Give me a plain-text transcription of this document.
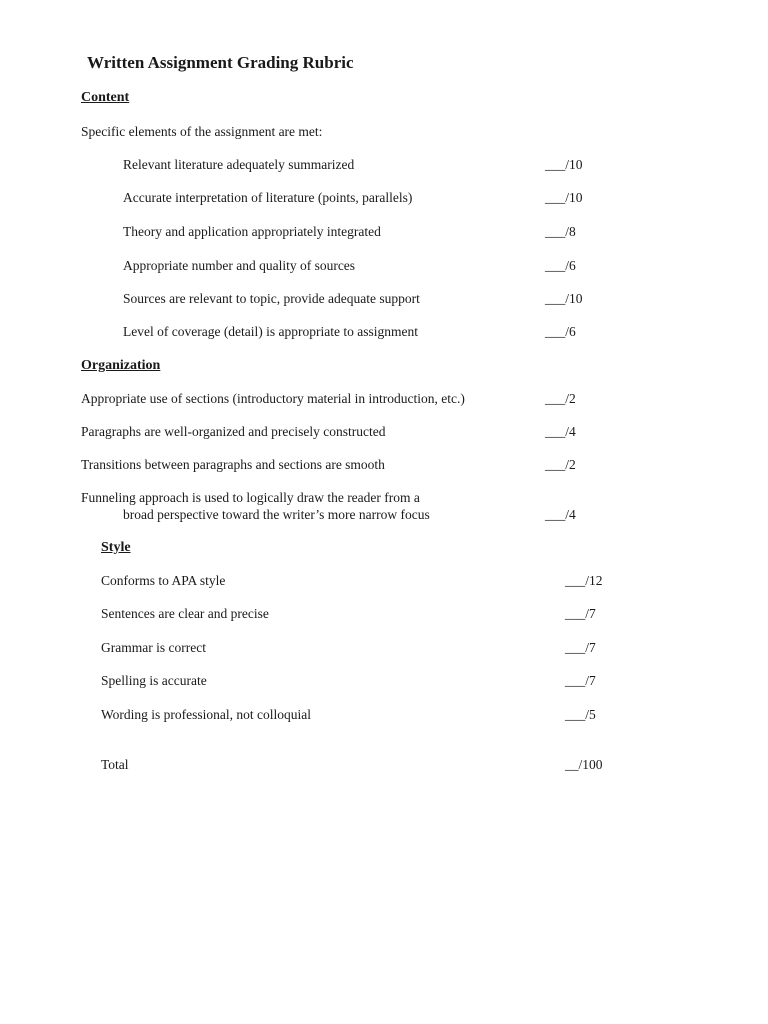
Written Assignment Grading Rubric
Content
Specific elements of the assignment are met:
Relevant literature adequately summarized	___/10
Accurate interpretation of literature (points, parallels)	___/10
Theory and application appropriately integrated	___/8
Appropriate number and quality of sources	___/6
Sources are relevant to topic, provide adequate support	___/10
Level of coverage (detail) is appropriate to assignment	___/6
Organization
Appropriate use of sections (introductory material in introduction, etc.)	___/2
Paragraphs are well-organized and precisely constructed	___/4
Transitions between paragraphs and sections are smooth	___/2
Funneling approach is used to logically draw the reader from a
broad perspective toward the writer’s more narrow focus	___/4
Style
Conforms to APA style	___/12
Sentences are clear and precise	___/7
Grammar is correct	___/7
Spelling is accurate	___/7
Wording is professional, not colloquial	___/5
Total	__/100
